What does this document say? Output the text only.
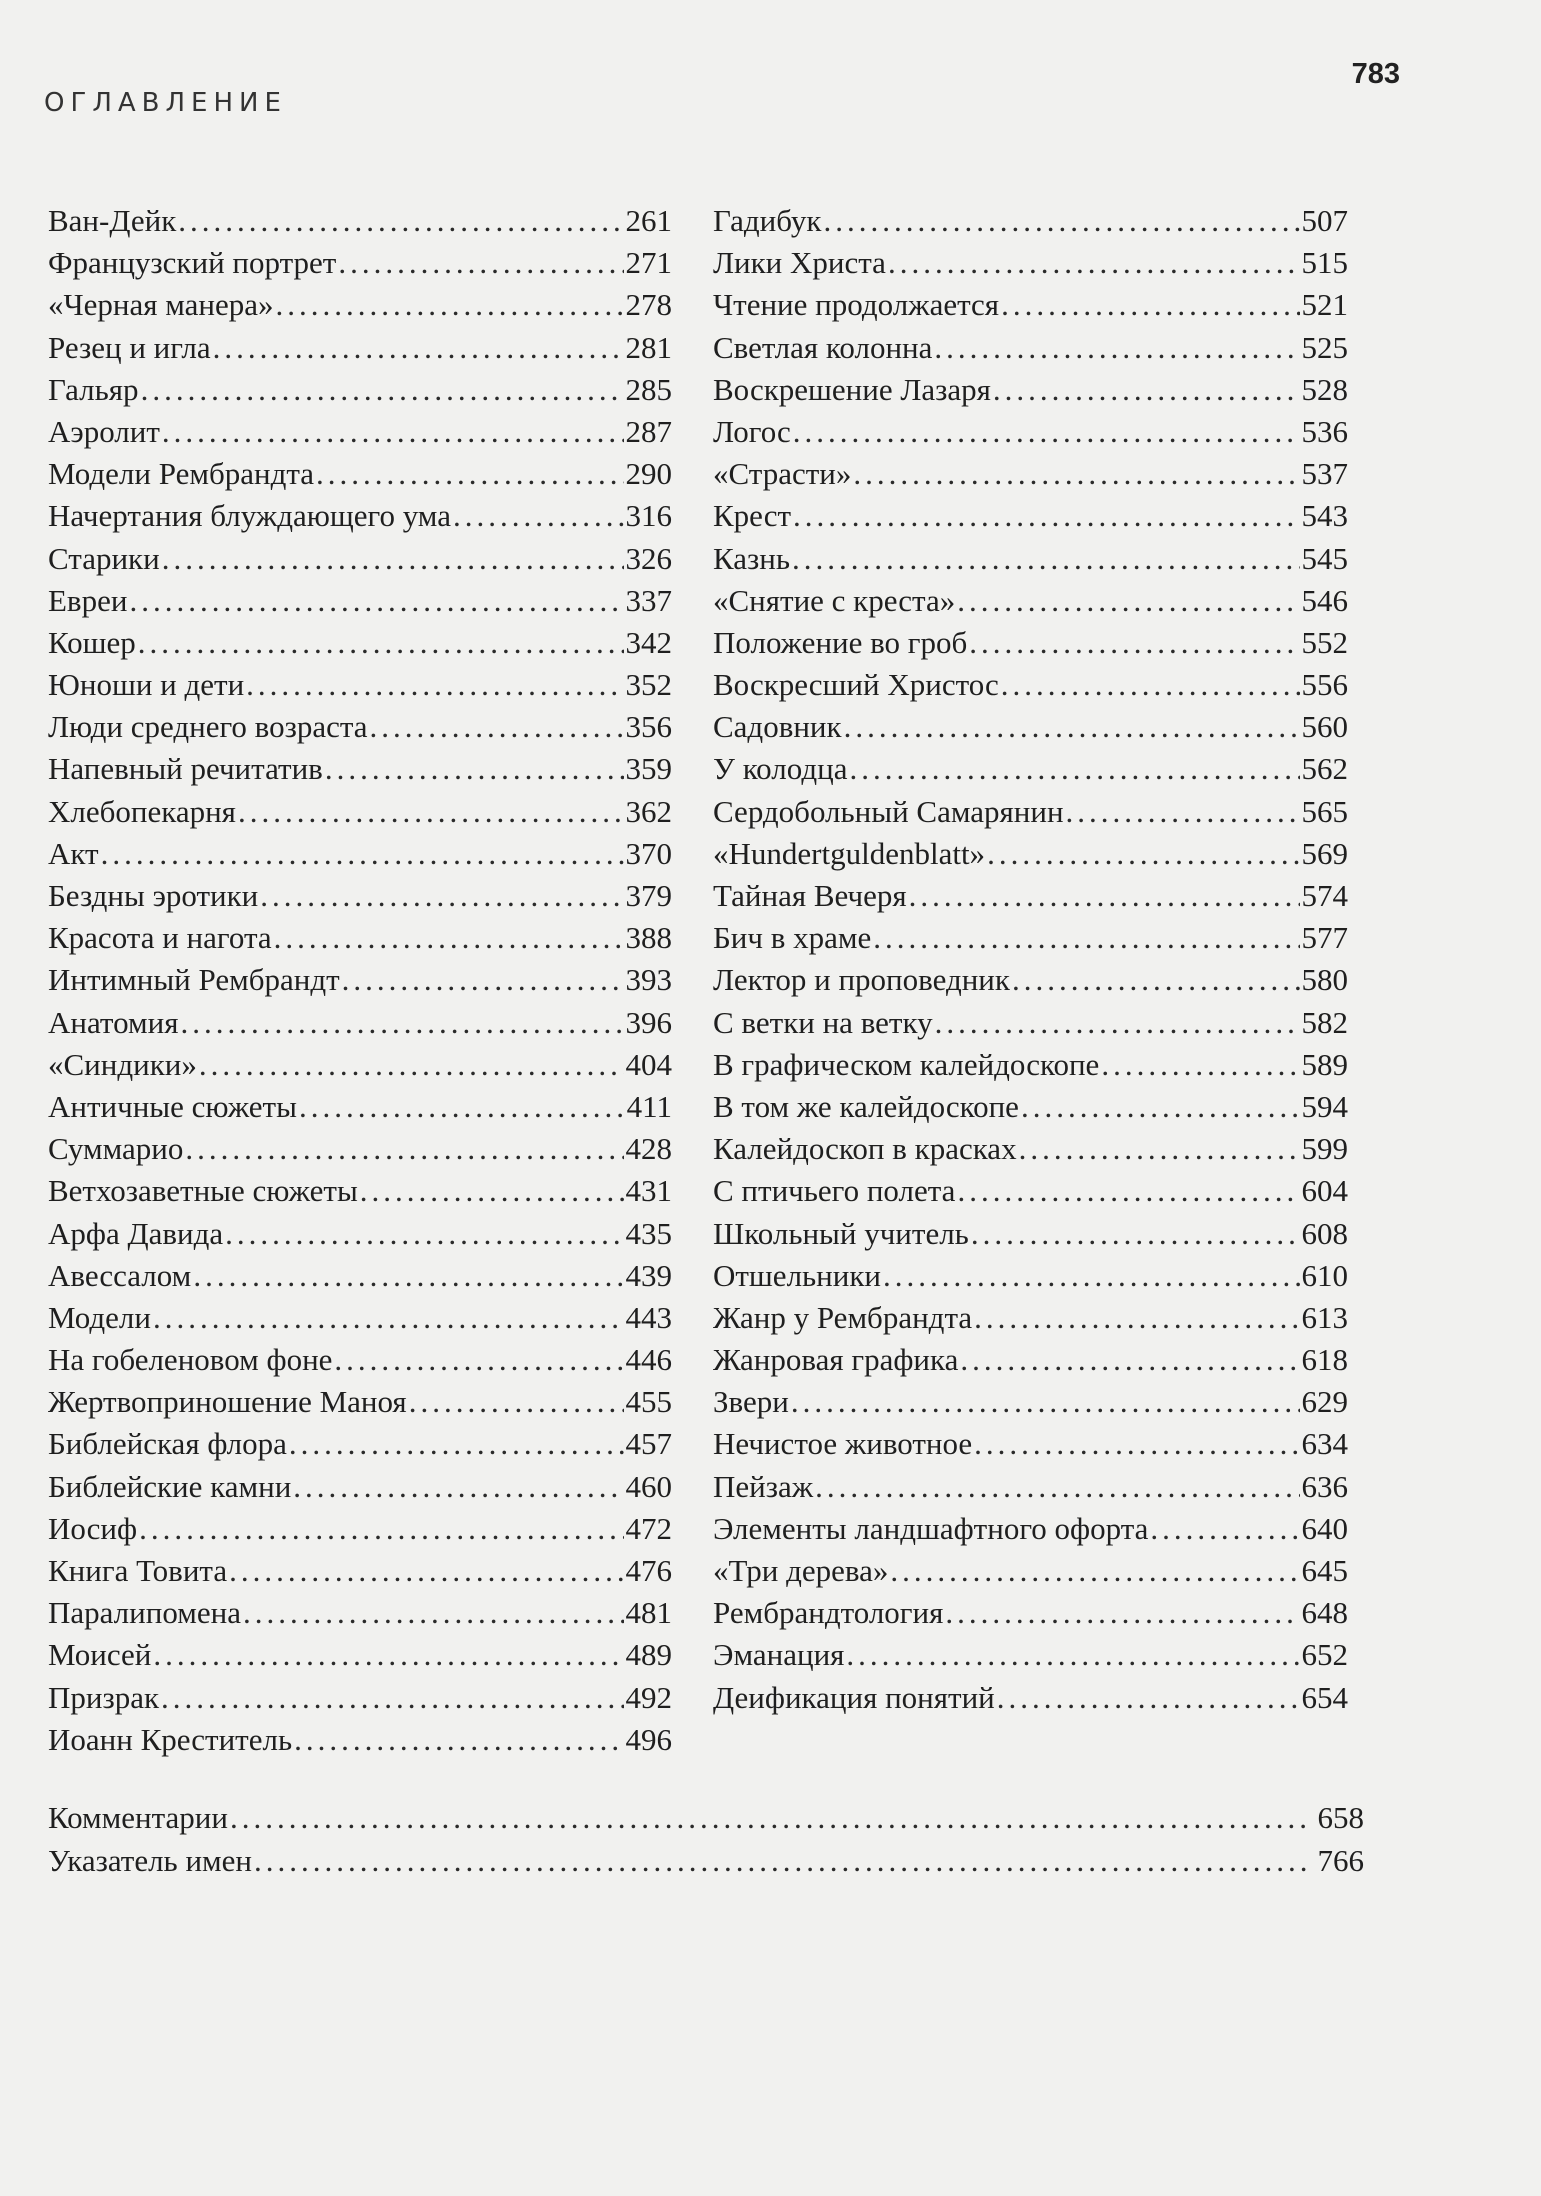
783
ОГЛАВЛЕНИЕ
Ван-Дейк .....	261
Французский портрет .....	271
«Черная манера» .....	278
Резец и игла .....	281
Гальяр .....	285
Аэролит .....	287
Модели Рембрандта .....	290
Начертания блуждающего ума .....	316
Старики .....	326
Евреи .....	337
Кошер .....	342
Юноши и дети .....	352
Люди среднего возраста .....	356
Напевный речитатив .....	359
Хлебопекарня .....	362
Акт .....	370
Бездны эротики .....	379
Красота и нагота .....	388
Интимный Рембрандт .....	393
Анатомия .....	396
«Синдики» .....	404
Античные сюжеты .....	411
Суммарио .....	428
Ветхозаветные сюжеты .....	431
Арфа Давида .....	435
Авессалом .....	439
Модели .....	443
На гобеленовом фоне .....	446
Жертвоприношение Маноя .....	455
Библейская флора .....	457
Библейские камни .....	460
Иосиф .....	472
Книга Товита .....	476
Паралипомена .....	481
Моисей .....	489
Призрак .....	492
Иоанн Креститель .....	496
Гадибук .....	507
Лики Христа .....	515
Чтение продолжается .....	521
Светлая колонна .....	525
Воскрешение Лазаря .....	528
Логос .....	536
«Страсти» .....	537
Крест .....	543
Казнь .....	545
«Снятие с креста» .....	546
Положение во гроб .....	552
Воскресший Христос .....	556
Садовник .....	560
У колодца .....	562
Сердобольный Самарянин .....	565
«Hundertguldenblatt» .....	569
Тайная Вечеря .....	574
Бич в храме .....	577
Лектор и проповедник .....	580
С ветки на ветку .....	582
В графическом калейдоскопе .....	589
В том же калейдоскопе .....	594
Калейдоскоп в красках .....	599
С птичьего полета .....	604
Школьный учитель .....	608
Отшельники .....	610
Жанр у Рембрандта .....	613
Жанровая графика .....	618
Звери .....	629
Нечистое животное .....	634
Пейзаж .....	636
Элементы ландшафтного офорта .....	640
«Три дерева» .....	645
Рембрандтология .....	648
Эманация .....	652
Деификация понятий .....	654
Комментарии .....	658
Указатель имен .....	766
